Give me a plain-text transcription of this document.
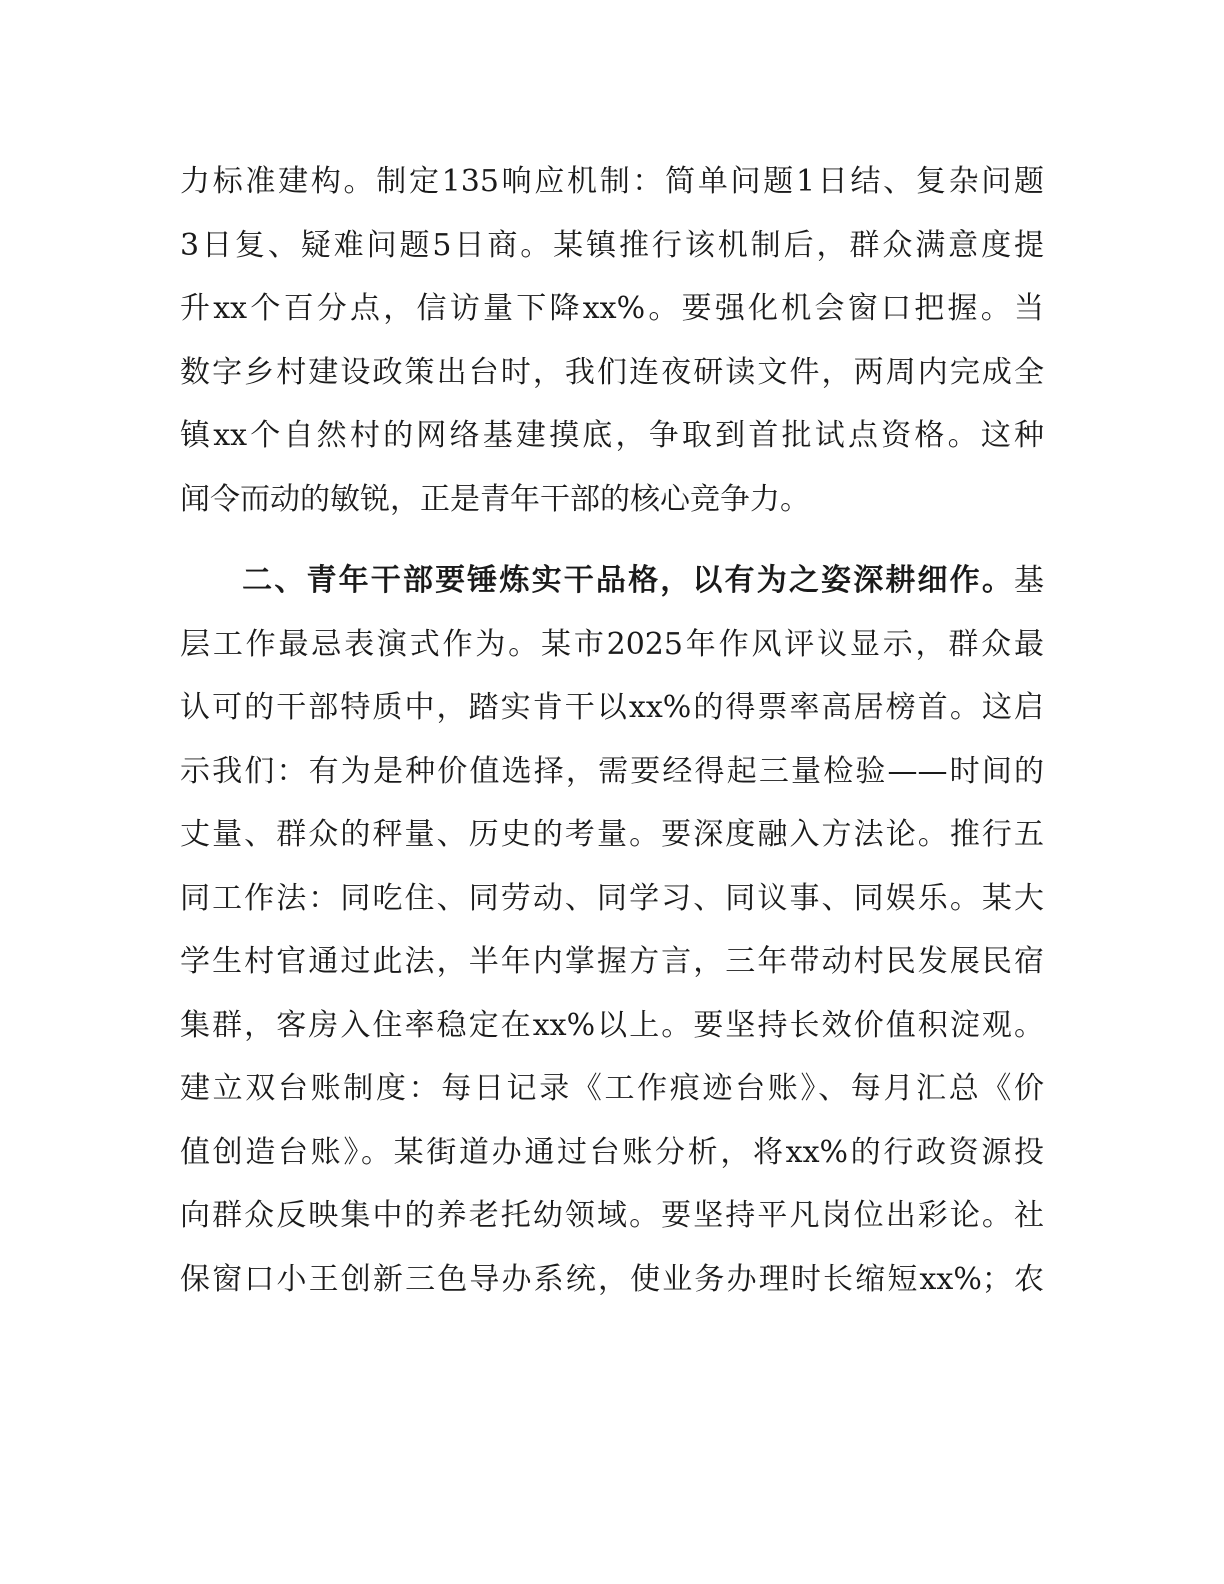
力标准建构。制定135响应机制：简单问题1日结、复杂问题
3日复、疑难问题5日商。某镇推行该机制后，群众满意度提
升xx个百分点，信访量下降xx%。要强化机会窗口把握。当
数字乡村建设政策出台时，我们连夜研读文件，两周内完成全
镇xx个自然村的网络基建摸底，争取到首批试点资格。这种
闻令而动的敏锐，正是青年干部的核心竞争力。
二、青年干部要锤炼实干品格，以有为之姿深耕细作。基
层工作最忌表演式作为。某市2025年作风评议显示，群众最
认可的干部特质中，踏实肯干以xx%的得票率高居榜首。这启
示我们：有为是种价值选择，需要经得起三量检验——时间的
丈量、群众的秤量、历史的考量。要深度融入方法论。推行五
同工作法：同吃住、同劳动、同学习、同议事、同娱乐。某大
学生村官通过此法，半年内掌握方言，三年带动村民发展民宿
集群，客房入住率稳定在xx%以上。要坚持长效价值积淀观。
建立双台账制度：每日记录《工作痕迹台账》、每月汇总《价
值创造台账》。某街道办通过台账分析，将xx%的行政资源投
向群众反映集中的养老托幼领域。要坚持平凡岗位出彩论。社
保窗口小王创新三色导办系统，使业务办理时长缩短xx%；农
